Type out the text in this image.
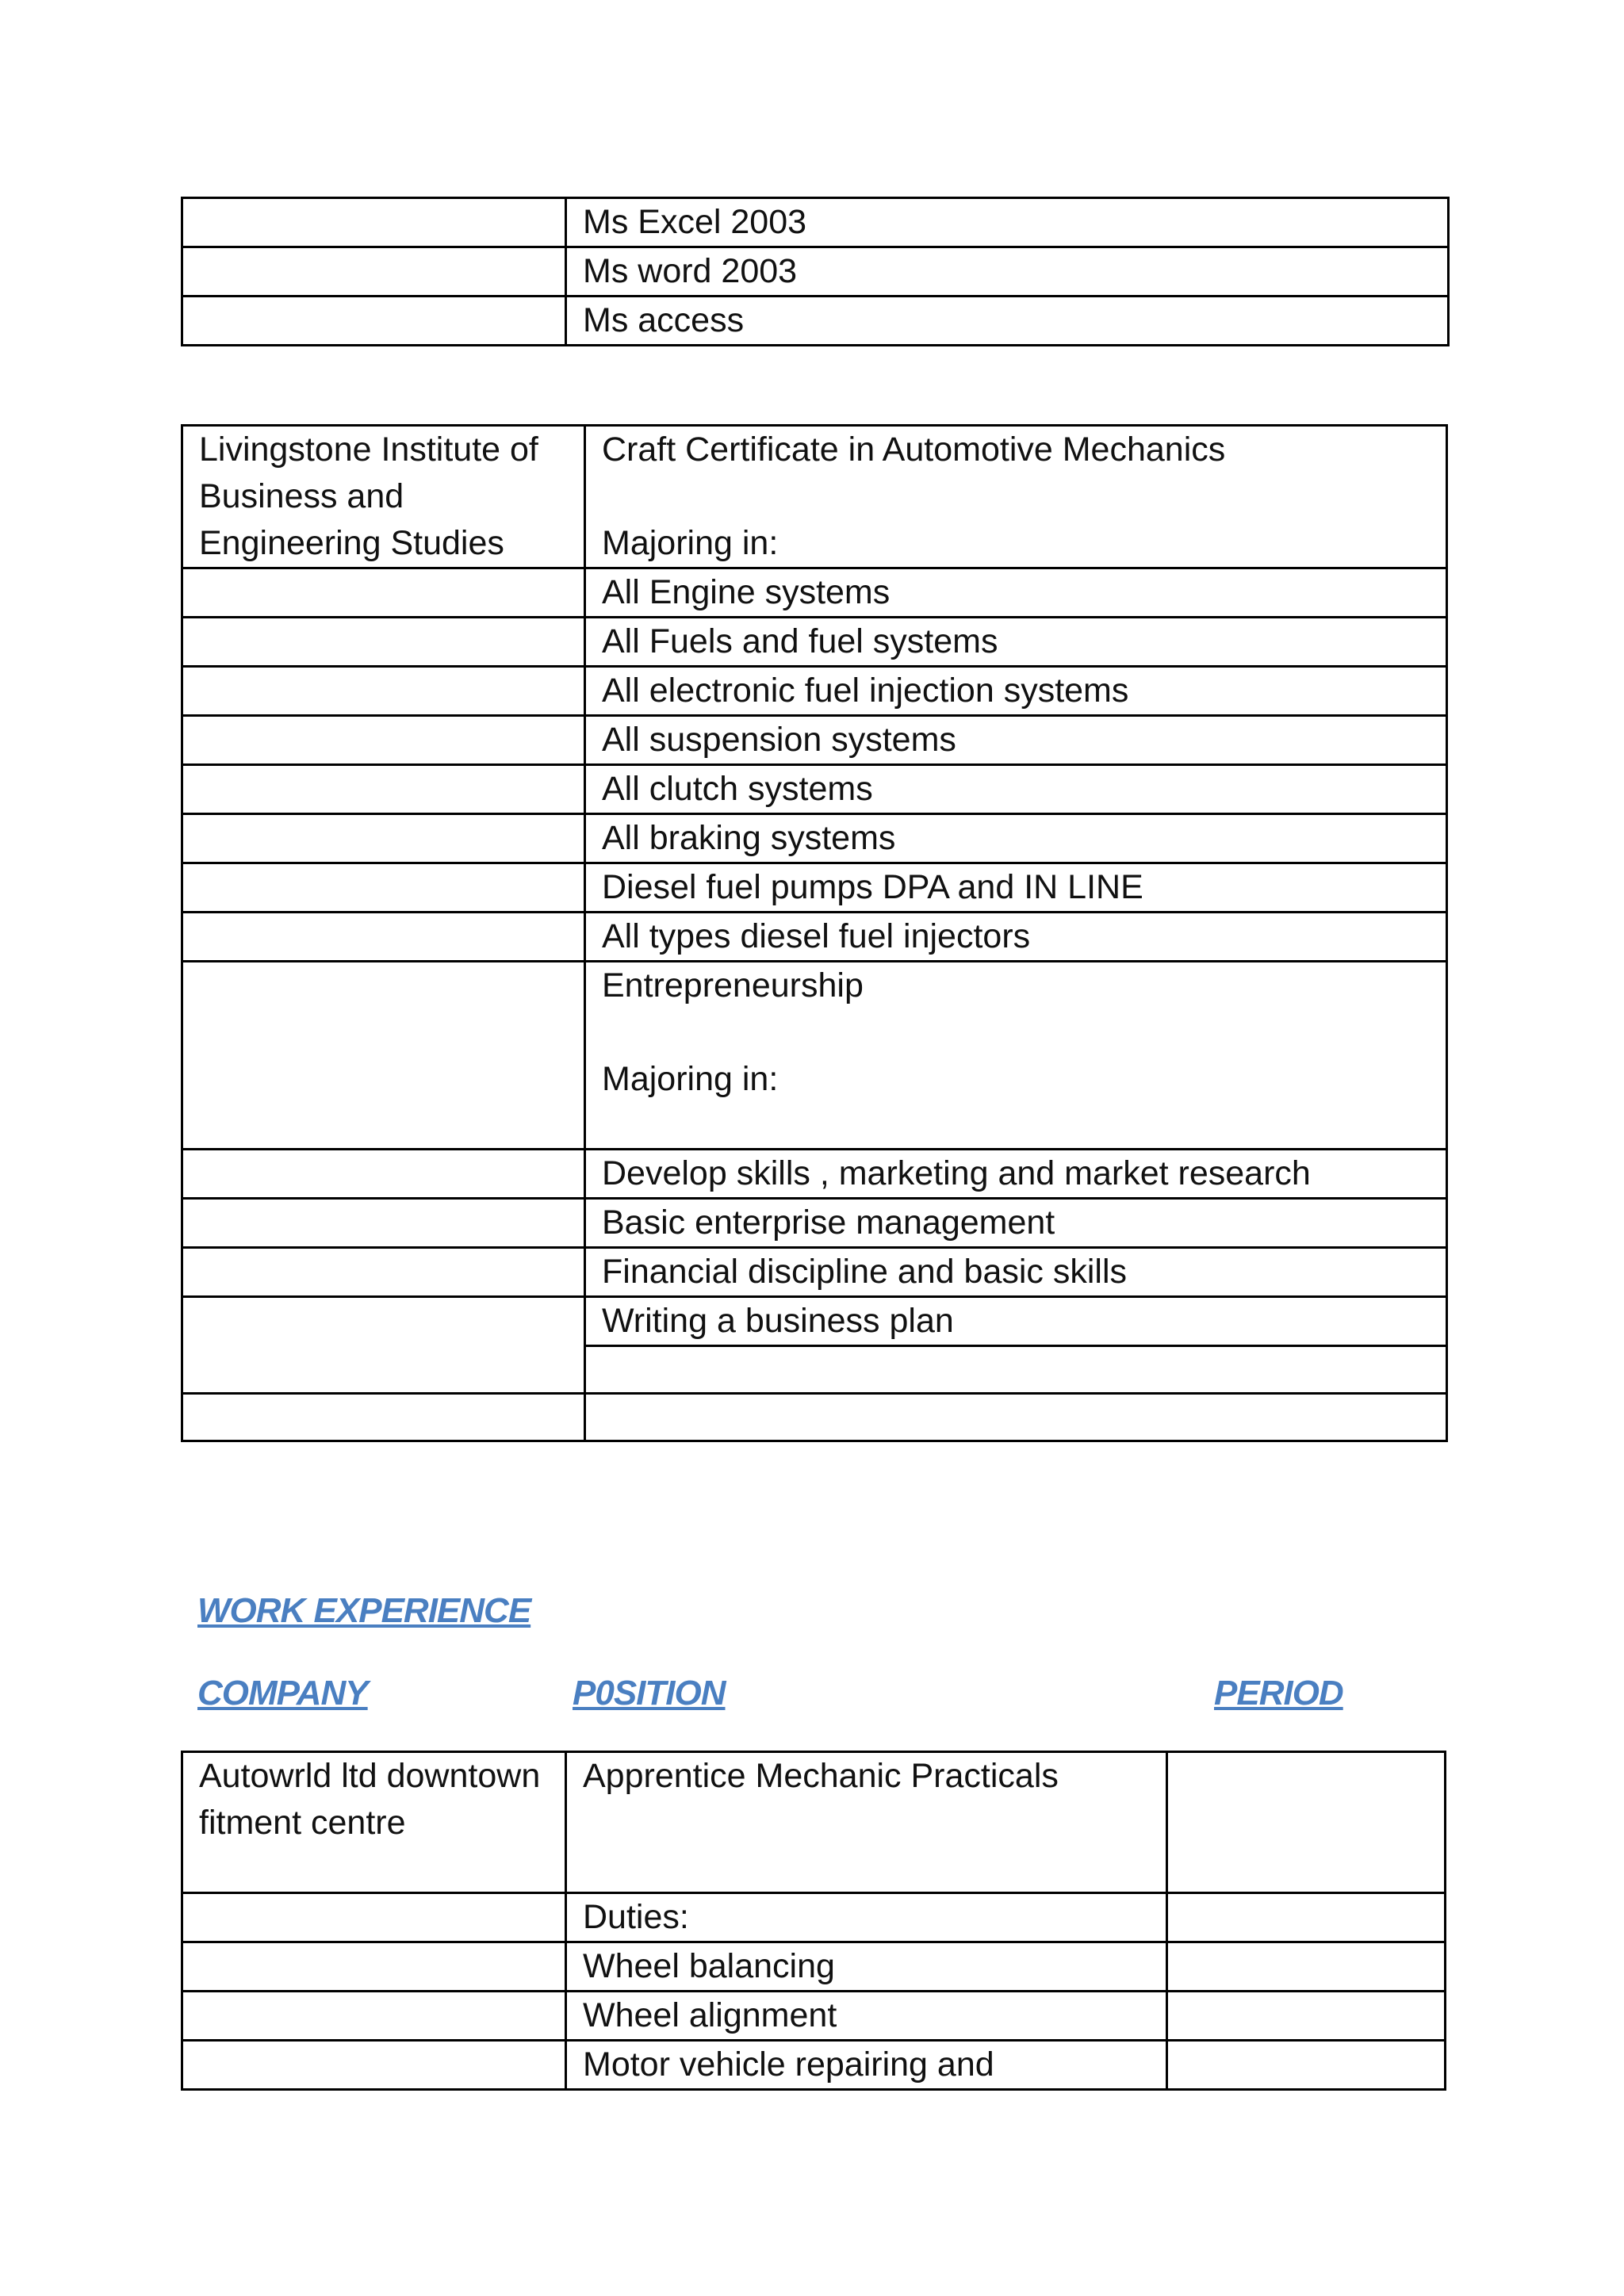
	Ms Excel 2003
	Ms word 2003
	Ms access
Livingstone Institute of Business and Engineering Studies	Craft Certificate in Automotive Mechanics

Majoring in:
	All Engine systems
	All Fuels and fuel systems
	All electronic fuel injection systems
	All suspension systems
	All clutch systems
	All braking systems
	Diesel fuel pumps DPA and IN LINE
	All types diesel fuel injectors
	Entrepreneurship

Majoring in:
	Develop skills , marketing and market research
	Basic enterprise management
	Financial discipline and basic skills
	Writing a business plan

WORK EXPERIENCE

COMPANY	P0SITION	PERIOD

Autowrld ltd downtown fitment centre	Apprentice Mechanic Practicals	
	Duties:	
	Wheel balancing	
	Wheel alignment	
	Motor vehicle repairing and	
